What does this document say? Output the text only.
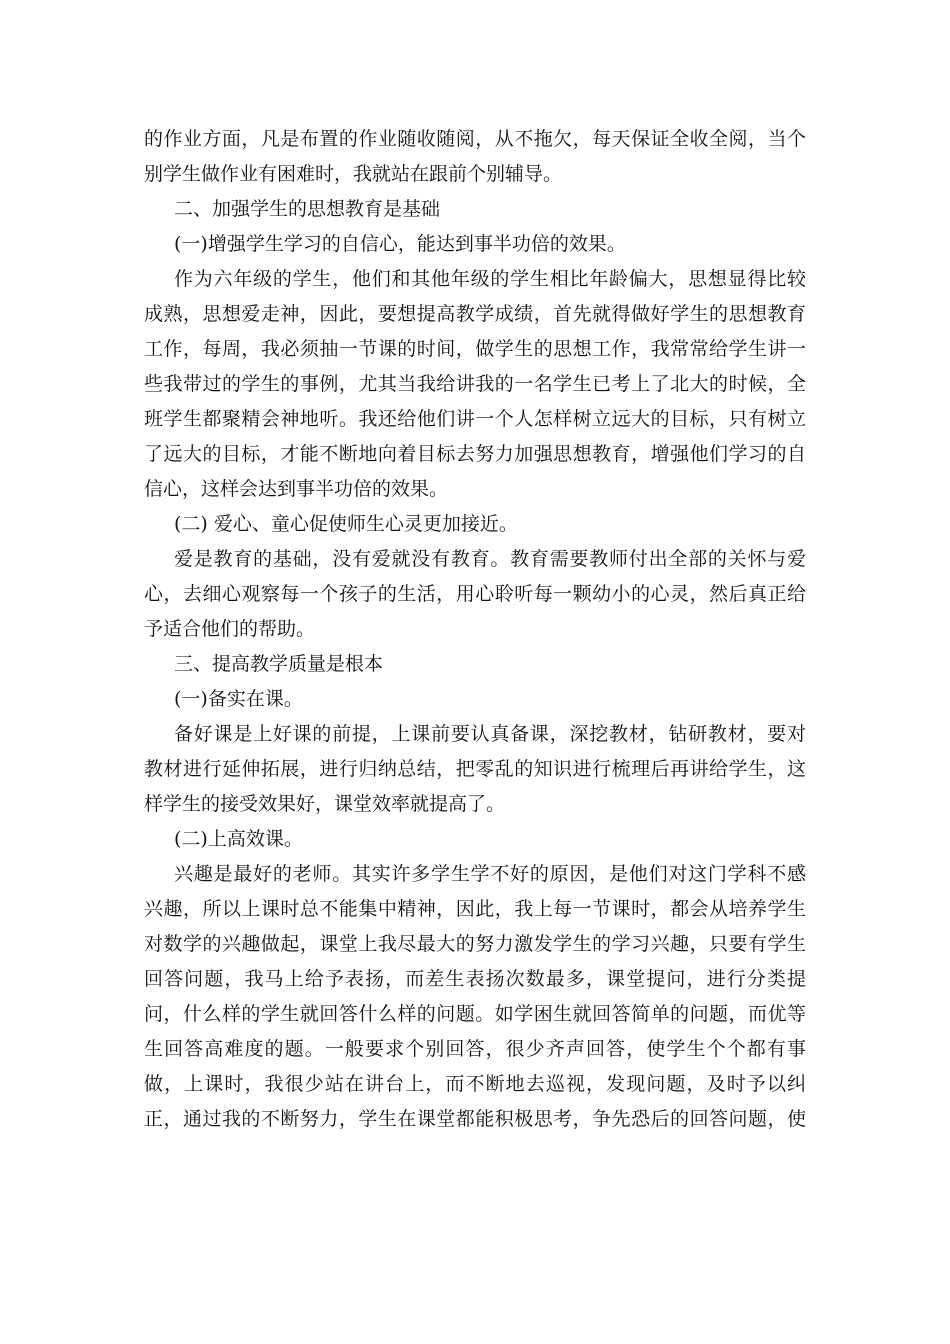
的作业方面，凡是布置的作业随收随阅，从不拖欠，每天保证全收全阅，当个
别学生做作业有困难时，我就站在跟前个别辅导。
二、加强学生的思想教育是基础
(一)增强学生学习的自信心，能达到事半功倍的效果。
作为六年级的学生，他们和其他年级的学生相比年龄偏大，思想显得比较
成熟，思想爱走神，因此，要想提高教学成绩，首先就得做好学生的思想教育
工作，每周，我必须抽一节课的时间，做学生的思想工作，我常常给学生讲一
些我带过的学生的事例，尤其当我给讲我的一名学生已考上了北大的时候，全
班学生都聚精会神地听。我还给他们讲一个人怎样树立远大的目标，只有树立
了远大的目标，才能不断地向着目标去努力加强思想教育，增强他们学习的自
信心，这样会达到事半功倍的效果。
(二) 爱心、童心促使师生心灵更加接近。
爱是教育的基础，没有爱就没有教育。教育需要教师付出全部的关怀与爱
心，去细心观察每一个孩子的生活，用心聆听每一颗幼小的心灵，然后真正给
予适合他们的帮助。
三、提高教学质量是根本
(一)备实在课。
备好课是上好课的前提，上课前要认真备课，深挖教材，钻研教材，要对
教材进行延伸拓展，进行归纳总结，把零乱的知识进行梳理后再讲给学生，这
样学生的接受效果好，课堂效率就提高了。
(二)上高效课。
兴趣是最好的老师。其实许多学生学不好的原因，是他们对这门学科不感
兴趣，所以上课时总不能集中精神，因此，我上每一节课时，都会从培养学生
对数学的兴趣做起，课堂上我尽最大的努力激发学生的学习兴趣，只要有学生
回答问题，我马上给予表扬，而差生表扬次数最多，课堂提问，进行分类提
问，什么样的学生就回答什么样的问题。如学困生就回答简单的问题，而优等
生回答高难度的题。一般要求个别回答，很少齐声回答，使学生个个都有事
做，上课时，我很少站在讲台上，而不断地去巡视，发现问题，及时予以纠
正，通过我的不断努力，学生在课堂都能积极思考，争先恐后的回答问题，使
